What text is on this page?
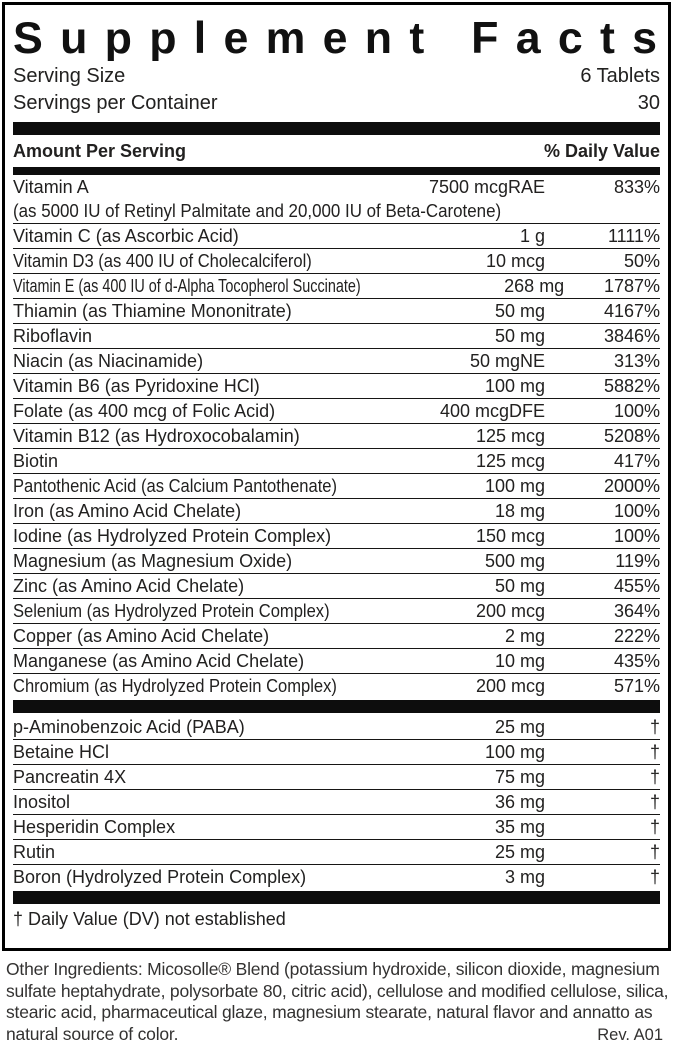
Supplement Facts
Serving Size	6 Tablets
Servings per Container	30
Amount Per Serving	% Daily Value
Vitamin A	7500 mcgRAE	833%
(as 5000 IU of Retinyl Palmitate and 20,000 IU of Beta-Carotene)
Vitamin C (as Ascorbic Acid)	1 g	1111%
Vitamin D3 (as 400 IU of Cholecalciferol)	10 mcg	50%
Vitamin E (as 400 IU of d-Alpha Tocopherol Succinate)	268 mg	1787%
Thiamin (as Thiamine Mononitrate)	50 mg	4167%
Riboflavin	50 mg	3846%
Niacin (as Niacinamide)	50 mgNE	313%
Vitamin B6 (as Pyridoxine HCl)	100 mg	5882%
Folate (as 400 mcg of Folic Acid)	400 mcgDFE	100%
Vitamin B12 (as Hydroxocobalamin)	125 mcg	5208%
Biotin	125 mcg	417%
Pantothenic Acid (as Calcium Pantothenate)	100 mg	2000%
Iron (as Amino Acid Chelate)	18 mg	100%
Iodine (as Hydrolyzed Protein Complex)	150 mcg	100%
Magnesium (as Magnesium Oxide)	500 mg	119%
Zinc (as Amino Acid Chelate)	50 mg	455%
Selenium (as Hydrolyzed Protein Complex)	200 mcg	364%
Copper (as Amino Acid Chelate)	2 mg	222%
Manganese (as Amino Acid Chelate)	10 mg	435%
Chromium (as Hydrolyzed Protein Complex)	200 mcg	571%
p-Aminobenzoic Acid (PABA)	25 mg	†
Betaine HCl	100 mg	†
Pancreatin 4X	75 mg	†
Inositol	36 mg	†
Hesperidin Complex	35 mg	†
Rutin	25 mg	†
Boron (Hydrolyzed Protein Complex)	3 mg	†
† Daily Value (DV) not established
Other Ingredients: Micosolle® Blend (potassium hydroxide, silicon dioxide, magnesium sulfate heptahydrate, polysorbate 80, citric acid), cellulose and modified cellulose, silica, stearic acid, pharmaceutical glaze, magnesium stearate, natural flavor and annatto as natural source of color.	Rev. A01
